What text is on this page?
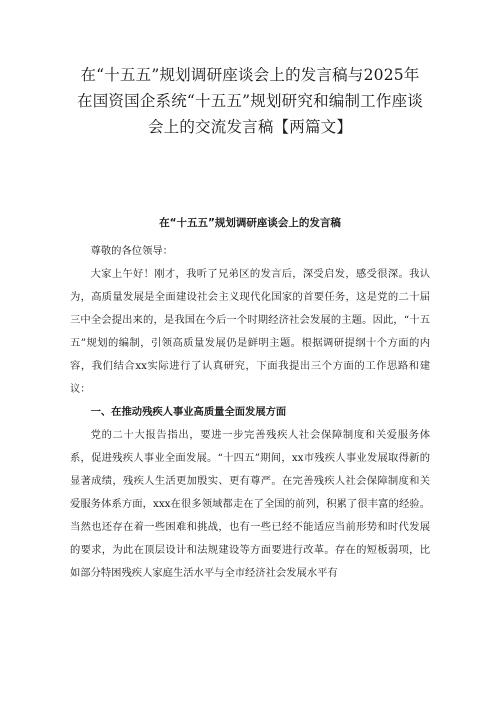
在“十五五”规划调研座谈会上的发言稿与2025年
在国资国企系统“十五五”规划研究和编制工作座谈
会上的交流发言稿【两篇文】
在“十五五”规划调研座谈会上的发言稿

尊敬的各位领导：

大家上午好！刚才，我听了兄弟区的发言后，深受启发，感受很深。我认为，高质量发展是全面建设社会主义现代化国家的首要任务，这是党的二十届三中全会提出来的，是我国在今后一个时期经济社会发展的主题。因此，“十五五”规划的编制，引领高质量发展仍是鲜明主题。根据调研提纲十个方面的内容，我们结合xx实际进行了认真研究，下面我提出三个方面的工作思路和建议：

一、在推动残疾人事业高质量全面发展方面

党的二十大报告指出，要进一步完善残疾人社会保障制度和关爱服务体系，促进残疾人事业全面发展。“十四五”期间，xx市残疾人事业发展取得新的显著成绩，残疾人生活更加殷实、更有尊严。在完善残疾人社会保障制度和关爱服务体系方面，xxx在很多领域都走在了全国的前列，积累了很丰富的经验。当然也还存在着一些困难和挑战，也有一些已经不能适应当前形势和时代发展的要求，为此在顶层设计和法规建设等方面要进行改革。存在的短板弱项，比如部分特困残疾人家庭生活水平与全市经济社会发展水平有
